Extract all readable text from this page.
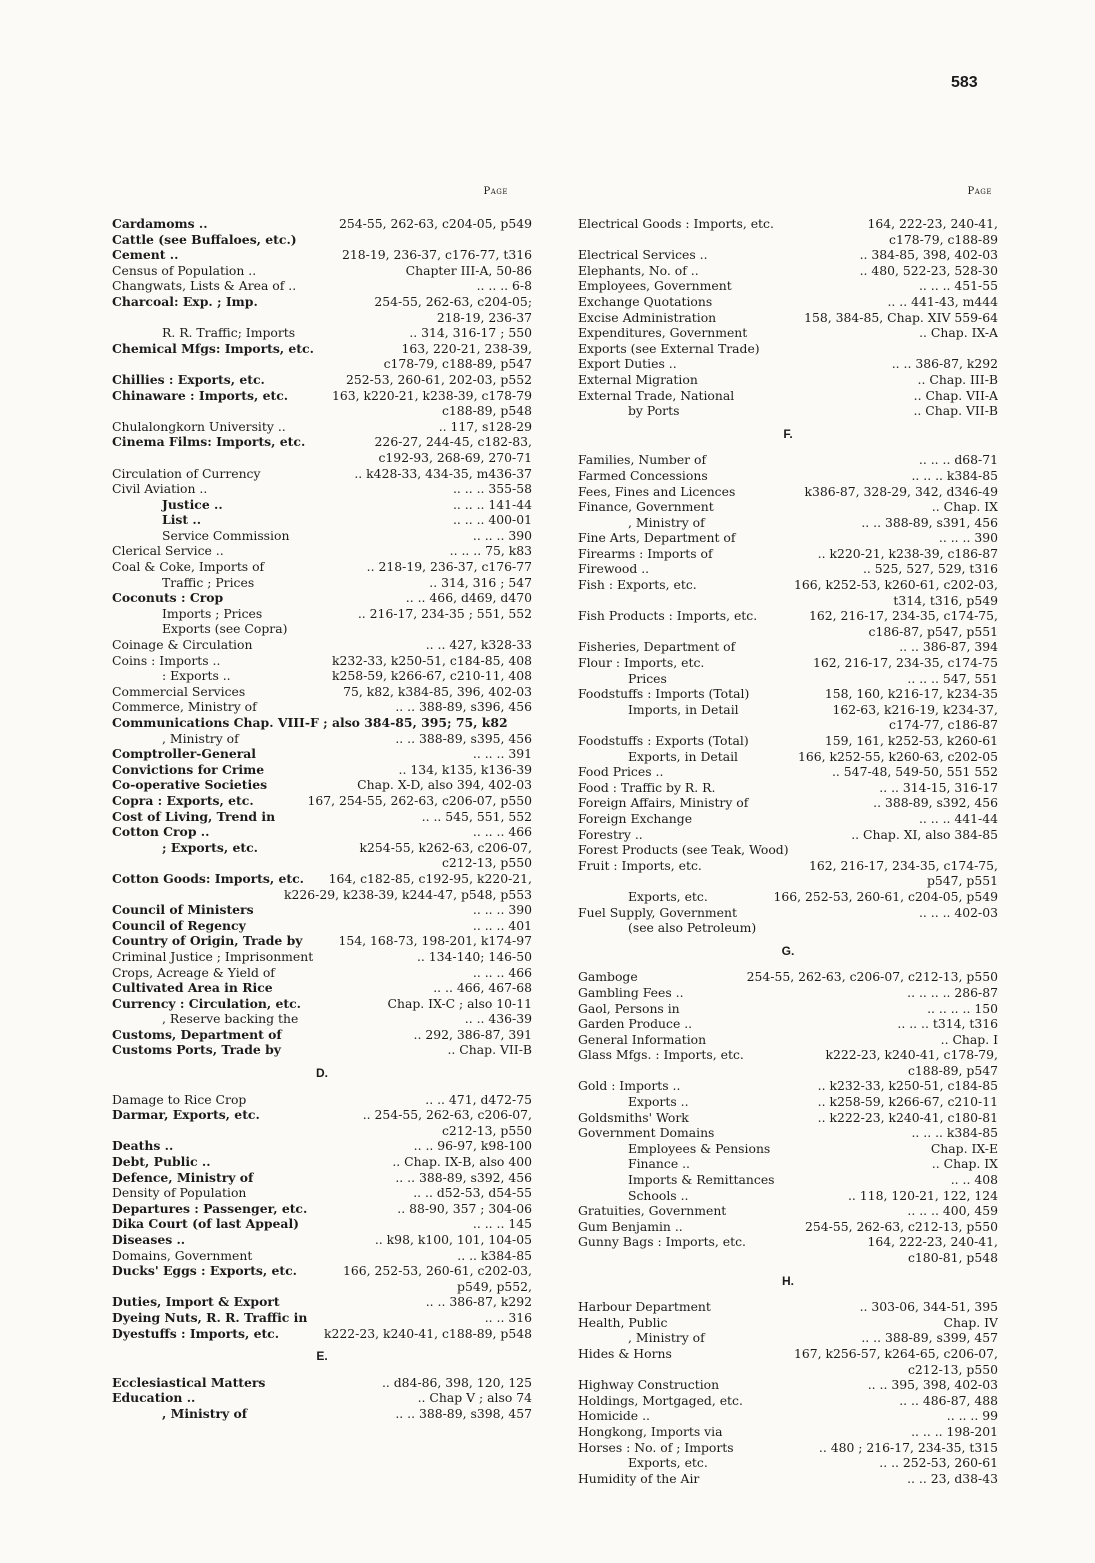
583
Page
Cardamoms ..	254-55, 262-63, c204-05, p549
Cattle (see Buffaloes, etc.)
Cement ..	218-19, 236-37, c176-77, t316
Census of Population ..	Chapter III-A, 50-86
Changwats, Lists & Area of ..	.. .. .. 6-8
Charcoal: Exp. ; Imp.	254-55, 262-63, c204-05;
218-19, 236-37
R. R. Traffic; Imports	.. 314, 316-17 ; 550
Chemical Mfgs: Imports, etc.	163, 220-21, 238-39,
c178-79, c188-89, p547
Chillies : Exports, etc.	252-53, 260-61, 202-03, p552
Chinaware : Imports, etc.	163, k220-21, k238-39, c178-79
c188-89, p548
Chulalongkorn University ..	.. 117, s128-29
Cinema Films: Imports, etc.	226-27, 244-45, c182-83,
c192-93, 268-69, 270-71
Circulation of Currency	.. k428-33, 434-35, m436-37
Civil Aviation ..	.. .. .. 355-58
Justice ..	.. .. .. 141-44
List ..	.. .. .. 400-01
Service Commission	.. .. .. 390
Clerical Service ..	.. .. .. 75, k83
Coal & Coke, Imports of	.. 218-19, 236-37, c176-77
Traffic ; Prices	.. 314, 316 ; 547
Coconuts : Crop	.. .. 466, d469, d470
Imports ; Prices	.. 216-17, 234-35 ; 551, 552
Exports (see Copra)
Coinage & Circulation	.. .. 427, k328-33
Coins : Imports ..	k232-33, k250-51, c184-85, 408
: Exports ..	k258-59, k266-67, c210-11, 408
Commercial Services	75, k82, k384-85, 396, 402-03
Commerce, Ministry of	.. .. 388-89, s396, 456
Communications Chap. VIII-F ; also 384-85, 395; 75, k82
, Ministry of	.. .. 388-89, s395, 456
Comptroller-General	.. .. .. 391
Convictions for Crime	.. 134, k135, k136-39
Co-operative Societies	Chap. X-D, also 394, 402-03
Copra : Exports, etc.	167, 254-55, 262-63, c206-07, p550
Cost of Living, Trend in	.. .. 545, 551, 552
Cotton Crop ..	.. .. .. 466
; Exports, etc.	k254-55, k262-63, c206-07,
c212-13, p550
Cotton Goods: Imports, etc.	164, c182-85, c192-95, k220-21,
k226-29, k238-39, k244-47, p548, p553
Council of Ministers	.. .. .. 390
Council of Regency	.. .. .. 401
Country of Origin, Trade by	154, 168-73, 198-201, k174-97
Criminal Justice ; Imprisonment	.. 134-140; 146-50
Crops, Acreage & Yield of	.. .. .. 466
Cultivated Area in Rice	.. .. 466, 467-68
Currency : Circulation, etc.	Chap. IX-C ; also 10-11
, Reserve backing the	.. .. 436-39
Customs, Department of	.. 292, 386-87, 391
Customs Ports, Trade by	.. Chap. VII-B
D.
Damage to Rice Crop	.. .. 471, d472-75
Darmar, Exports, etc.	.. 254-55, 262-63, c206-07,
c212-13, p550
Deaths ..	.. .. 96-97, k98-100
Debt, Public ..	.. Chap. IX-B, also 400
Defence, Ministry of	.. .. 388-89, s392, 456
Density of Population	.. .. d52-53, d54-55
Departures : Passenger, etc.	.. 88-90, 357 ; 304-06
Dika Court (of last Appeal)	.. .. .. 145
Diseases ..	.. k98, k100, 101, 104-05
Domains, Government	.. .. k384-85
Ducks' Eggs : Exports, etc.	166, 252-53, 260-61, c202-03,
p549, p552,
Duties, Import & Export	.. .. 386-87, k292
Dyeing Nuts, R. R. Traffic in	.. .. 316
Dyestuffs : Imports, etc.	k222-23, k240-41, c188-89, p548
E.
Ecclesiastical Matters	.. d84-86, 398, 120, 125
Education ..	.. Chap V ; also 74
, Ministry of	.. .. 388-89, s398, 457
Page
Electrical Goods : Imports, etc.	164, 222-23, 240-41,
c178-79, c188-89
Electrical Services ..	.. 384-85, 398, 402-03
Elephants, No. of ..	.. 480, 522-23, 528-30
Employees, Government	.. .. .. 451-55
Exchange Quotations	.. .. 441-43, m444
Excise Administration	158, 384-85, Chap. XIV 559-64
Expenditures, Government	.. Chap. IX-A
Exports (see External Trade)
Export Duties ..	.. .. 386-87, k292
External Migration	.. Chap. III-B
External Trade, National	.. Chap. VII-A
by Ports	.. Chap. VII-B
F.
Families, Number of	.. .. .. d68-71
Farmed Concessions	.. .. .. k384-85
Fees, Fines and Licences	k386-87, 328-29, 342, d346-49
Finance, Government	.. Chap. IX
, Ministry of	.. .. 388-89, s391, 456
Fine Arts, Department of	.. .. .. 390
Firearms : Imports of	.. k220-21, k238-39, c186-87
Firewood ..	.. 525, 527, 529, t316
Fish : Exports, etc.	166, k252-53, k260-61, c202-03,
t314, t316, p549
Fish Products : Imports, etc.	162, 216-17, 234-35, c174-75,
c186-87, p547, p551
Fisheries, Department of	.. .. 386-87, 394
Flour : Imports, etc.	162, 216-17, 234-35, c174-75
Prices	.. .. .. 547, 551
Foodstuffs : Imports (Total)	158, 160, k216-17, k234-35
Imports, in Detail	162-63, k216-19, k234-37,
c174-77, c186-87
Foodstuffs : Exports (Total)	159, 161, k252-53, k260-61
Exports, in Detail	166, k252-55, k260-63, c202-05
Food Prices ..	.. 547-48, 549-50, 551 552
Food : Traffic by R. R.	.. .. 314-15, 316-17
Foreign Affairs, Ministry of	.. 388-89, s392, 456
Foreign Exchange	.. .. .. 441-44
Forestry ..	.. Chap. XI, also 384-85
Forest Products (see Teak, Wood)
Fruit : Imports, etc.	162, 216-17, 234-35, c174-75,
p547, p551
Exports, etc.	166, 252-53, 260-61, c204-05, p549
Fuel Supply, Government	.. .. .. 402-03
(see also Petroleum)
G.
Gamboge	254-55, 262-63, c206-07, c212-13, p550
Gambling Fees ..	.. .. .. .. 286-87
Gaol, Persons in	.. .. .. .. 150
Garden Produce ..	.. .. .. t314, t316
General Information	.. Chap. I
Glass Mfgs. : Imports, etc.	k222-23, k240-41, c178-79,
c188-89, p547
Gold : Imports ..	.. k232-33, k250-51, c184-85
Exports ..	.. k258-59, k266-67, c210-11
Goldsmiths' Work	.. k222-23, k240-41, c180-81
Government Domains	.. .. .. k384-85
Employees & Pensions	Chap. IX-E
Finance ..	.. Chap. IX
Imports & Remittances	.. .. 408
Schools ..	.. 118, 120-21, 122, 124
Gratuities, Government	.. .. .. 400, 459
Gum Benjamin ..	254-55, 262-63, c212-13, p550
Gunny Bags : Imports, etc.	164, 222-23, 240-41,
c180-81, p548
H.
Harbour Department	.. 303-06, 344-51, 395
Health, Public	Chap. IV
, Ministry of	.. .. 388-89, s399, 457
Hides & Horns	167, k256-57, k264-65, c206-07,
c212-13, p550
Highway Construction	.. .. 395, 398, 402-03
Holdings, Mortgaged, etc.	.. .. 486-87, 488
Homicide ..	.. .. .. 99
Hongkong, Imports via	.. .. .. 198-201
Horses : No. of ; Imports	.. 480 ; 216-17, 234-35, t315
Exports, etc.	.. .. 252-53, 260-61
Humidity of the Air	.. .. 23, d38-43
